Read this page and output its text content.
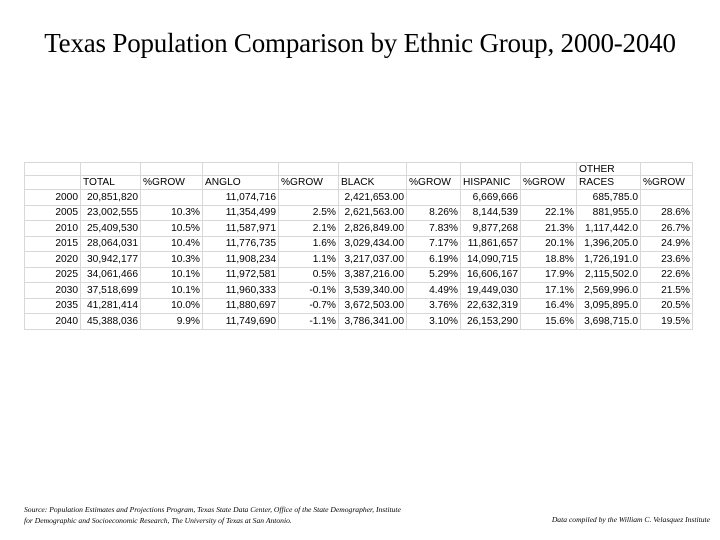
Texas Population Comparison by Ethnic Group, 2000-2040
									OTHER	
	TOTAL	%GROW	ANGLO	%GROW	BLACK	%GROW	HISPANIC	%GROW	RACES	%GROW
2000	20,851,820		11,074,716		2,421,653.00		6,669,666		685,785.0	
2005	23,002,555	10.3%	11,354,499	2.5%	2,621,563.00	8.26%	8,144,539	22.1%	881,955.0	28.6%
2010	25,409,530	10.5%	11,587,971	2.1%	2,826,849.00	7.83%	9,877,268	21.3%	1,117,442.0	26.7%
2015	28,064,031	10.4%	11,776,735	1.6%	3,029,434.00	7.17%	11,861,657	20.1%	1,396,205.0	24.9%
2020	30,942,177	10.3%	11,908,234	1.1%	3,217,037.00	6.19%	14,090,715	18.8%	1,726,191.0	23.6%
2025	34,061,466	10.1%	11,972,581	0.5%	3,387,216.00	5.29%	16,606,167	17.9%	2,115,502.0	22.6%
2030	37,518,699	10.1%	11,960,333	-0.1%	3,539,340.00	4.49%	19,449,030	17.1%	2,569,996.0	21.5%
2035	41,281,414	10.0%	11,880,697	-0.7%	3,672,503.00	3.76%	22,632,319	16.4%	3,095,895.0	20.5%
2040	45,388,036	9.9%	11,749,690	-1.1%	3,786,341.00	3.10%	26,153,290	15.6%	3,698,715.0	19.5%
Source: Population Estimates and Projections Program, Texas State Data Center, Office of the State Demographer, Institute
for Demographic and Socioeconomic Research, The University of Texas at San Antonio.	Data compiled by the William C. Velasquez Institute
